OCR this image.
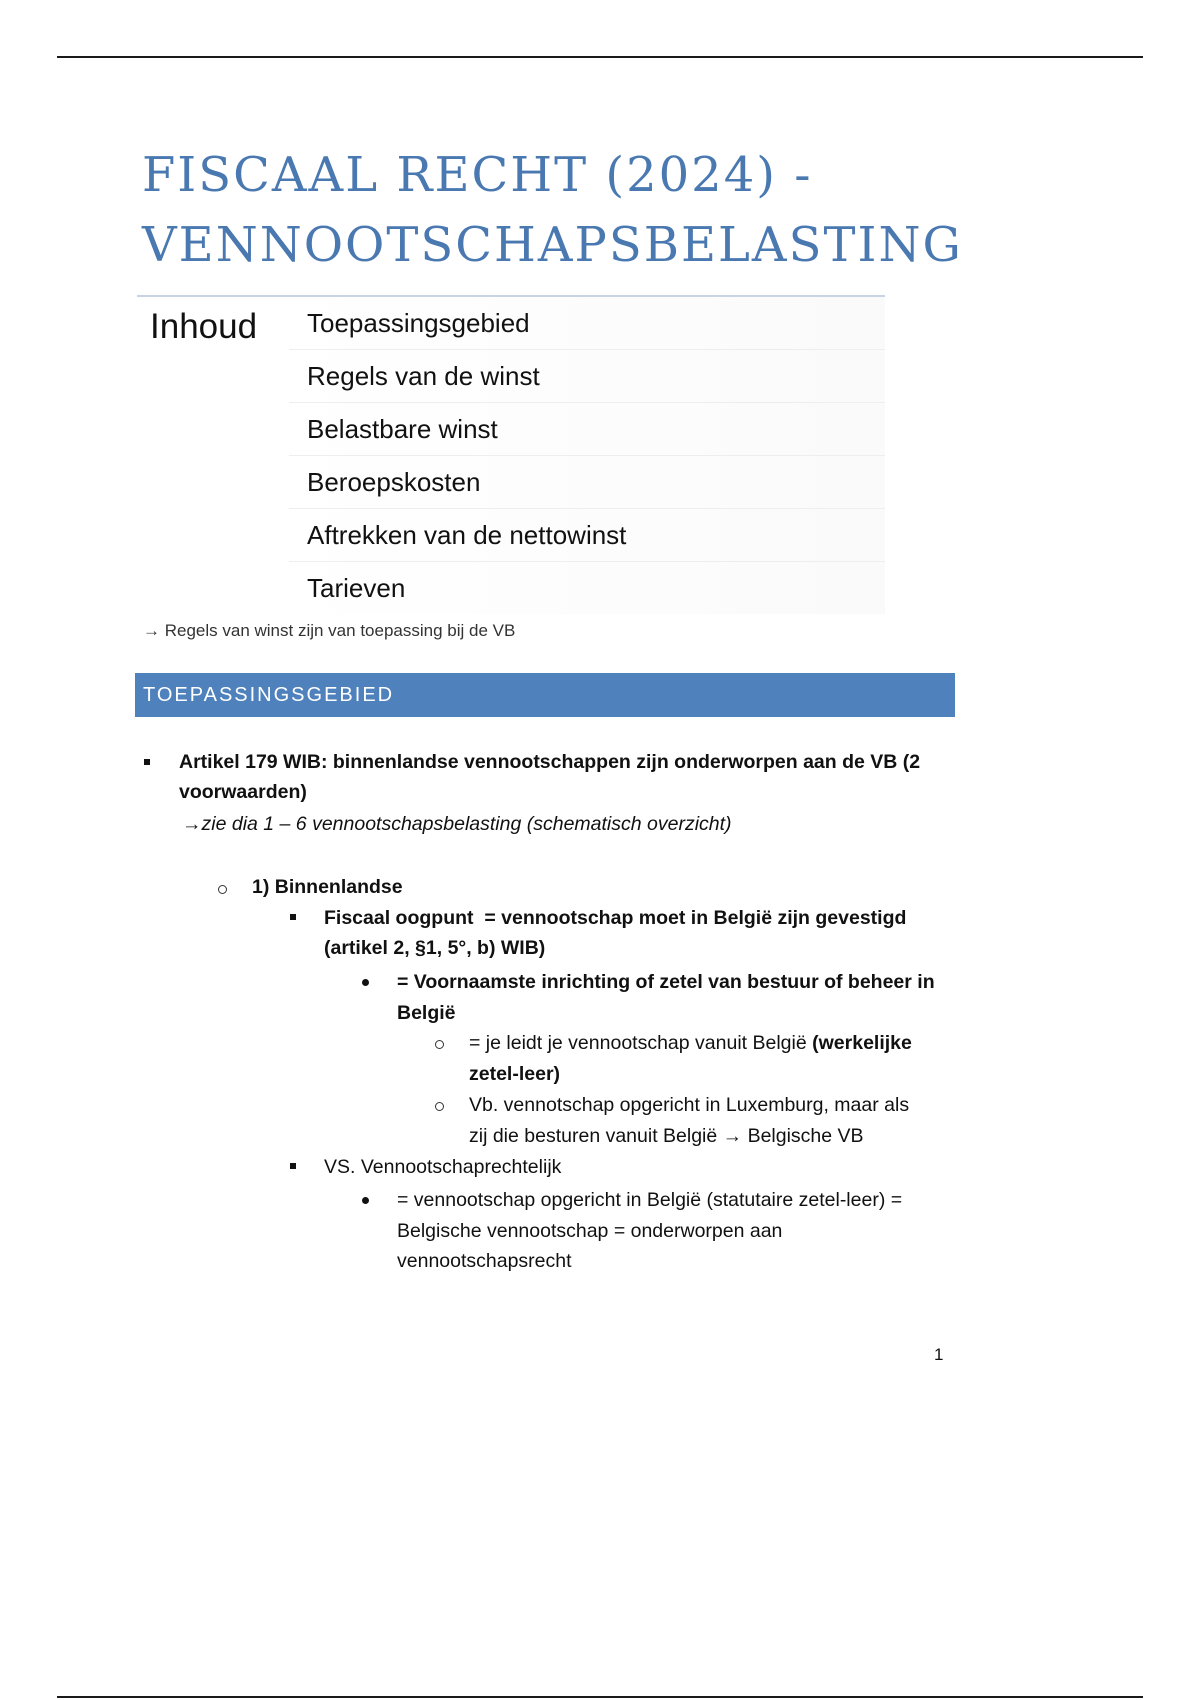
FISCAAL RECHT (2024) -
VENNOOTSCHAPSBELASTING
Inhoud	Toepassingsgebied
Regels van de winst
Belastbare winst
Beroepskosten
Aftrekken van de nettowinst
Tarieven
→ Regels van winst zijn van toepassing bij de VB
TOEPASSINGSGEBIED
Artikel 179 WIB: binnenlandse vennootschappen zijn onderworpen aan de VB (2
voorwaarden)
→zie dia 1 – 6 vennootschapsbelasting (schematisch overzicht)
1) Binnenlandse
Fiscaal oogpunt = vennootschap moet in België zijn gevestigd
(artikel 2, §1, 5°, b) WIB)
= Voornaamste inrichting of zetel van bestuur of beheer in
België
= je leidt je vennootschap vanuit België (werkelijke
zetel-leer)
Vb. vennotschap opgericht in Luxemburg, maar als
zij die besturen vanuit België → Belgische VB
VS. Vennootschaprechtelijk
= vennootschap opgericht in België (statutaire zetel-leer) =
Belgische vennootschap = onderworpen aan
vennootschapsrecht
1
